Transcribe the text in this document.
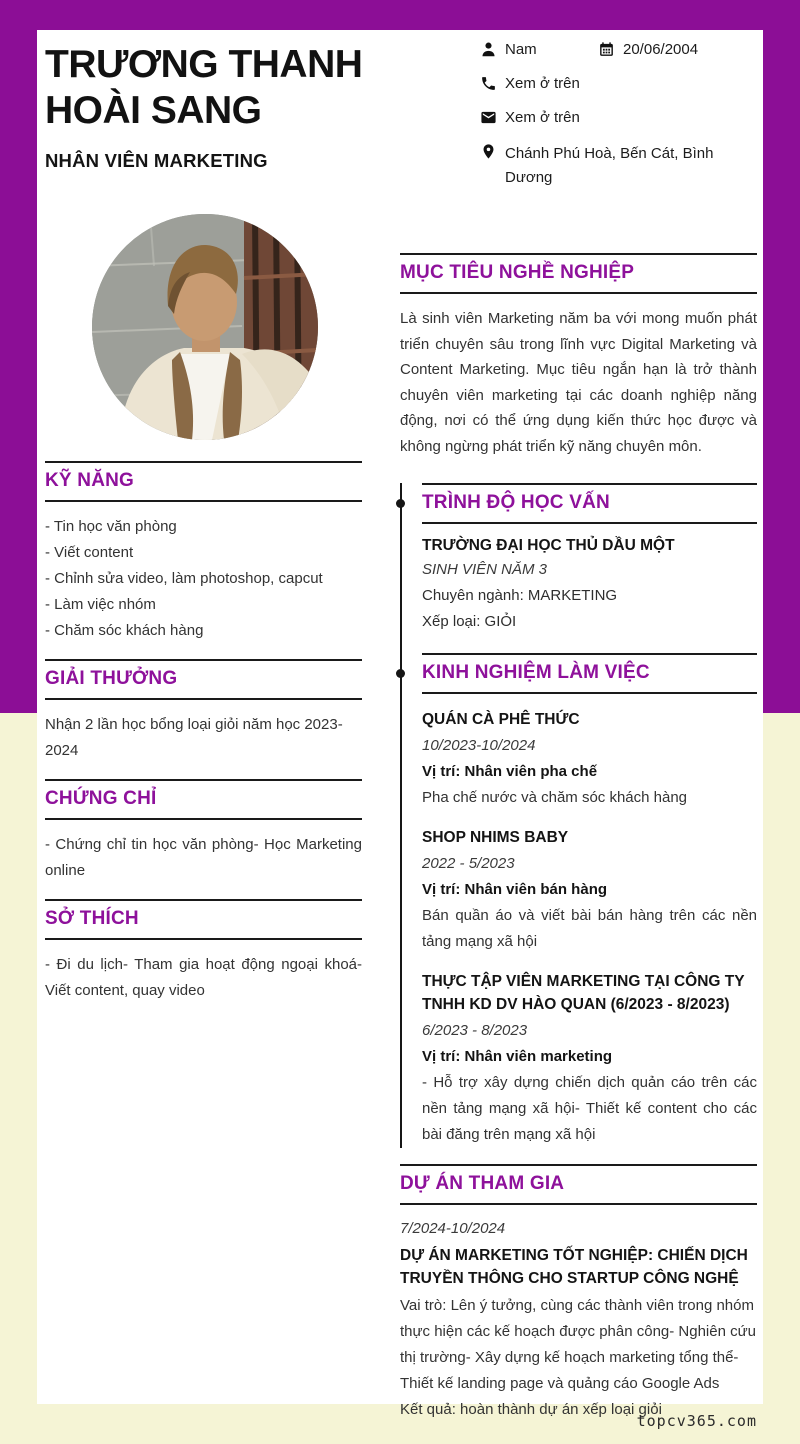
TRƯƠNG THANH HOÀI SANG
NHÂN VIÊN MARKETING
Nam	20/06/2004
Xem ở trên
Xem ở trên
Chánh Phú Hoà, Bến Cát, Bình Dương
KỸ NĂNG
- Tin học văn phòng
- Viết content
- Chỉnh sửa video, làm photoshop, capcut
- Làm việc nhóm
- Chăm sóc khách hàng
GIẢI THƯỞNG
Nhận 2 lần học bổng loại giỏi năm học 2023-2024
CHỨNG CHỈ
- Chứng chỉ tin học văn phòng- Học Marketing online
SỞ THÍCH
- Đi du lịch- Tham gia hoạt động ngoại khoá- Viết content, quay video
MỤC TIÊU NGHỀ NGHIỆP
Là sinh viên Marketing năm ba với mong muốn phát triển chuyên sâu trong lĩnh vực Digital Marketing và Content Marketing. Mục tiêu ngắn hạn là trở thành chuyên viên marketing tại các doanh nghiệp năng động, nơi có thể ứng dụng kiến thức học được và không ngừng phát triển kỹ năng chuyên môn.
TRÌNH ĐỘ HỌC VẤN
TRƯỜNG ĐẠI HỌC THỦ DẦU MỘT
SINH VIÊN NĂM 3
Chuyên ngành: MARKETING
Xếp loại: GIỎI
KINH NGHIỆM LÀM VIỆC
QUÁN CÀ PHÊ THỨC
10/2023-10/2024
Vị trí: Nhân viên pha chế
Pha chế nước và chăm sóc khách hàng
SHOP NHIMS BABY
2022 - 5/2023
Vị trí: Nhân viên bán hàng
Bán quần áo và viết bài bán hàng trên các nền tảng mạng xã hội
THỰC TẬP VIÊN MARKETING TẠI CÔNG TY TNHH KD DV HÀO QUAN (6/2023 - 8/2023)
6/2023 - 8/2023
Vị trí: Nhân viên marketing
- Hỗ trợ xây dựng chiến dịch quản cáo trên các nền tảng mạng xã hội- Thiết kế content cho các bài đăng trên mạng xã hội
DỰ ÁN THAM GIA
7/2024-10/2024
DỰ ÁN MARKETING TỐT NGHIỆP: CHIẾN DỊCH TRUYỀN THÔNG CHO STARTUP CÔNG NGHỆ
Vai trò: Lên ý tưởng, cùng các thành viên trong nhóm thực hiện các kế hoạch được phân công- Nghiên cứu thị trường- Xây dựng kế hoạch marketing tổng thể- Thiết kế landing page và quảng cáo Google Ads
Kết quả: hoàn thành dự án xếp loại giỏi
topcv365.com
